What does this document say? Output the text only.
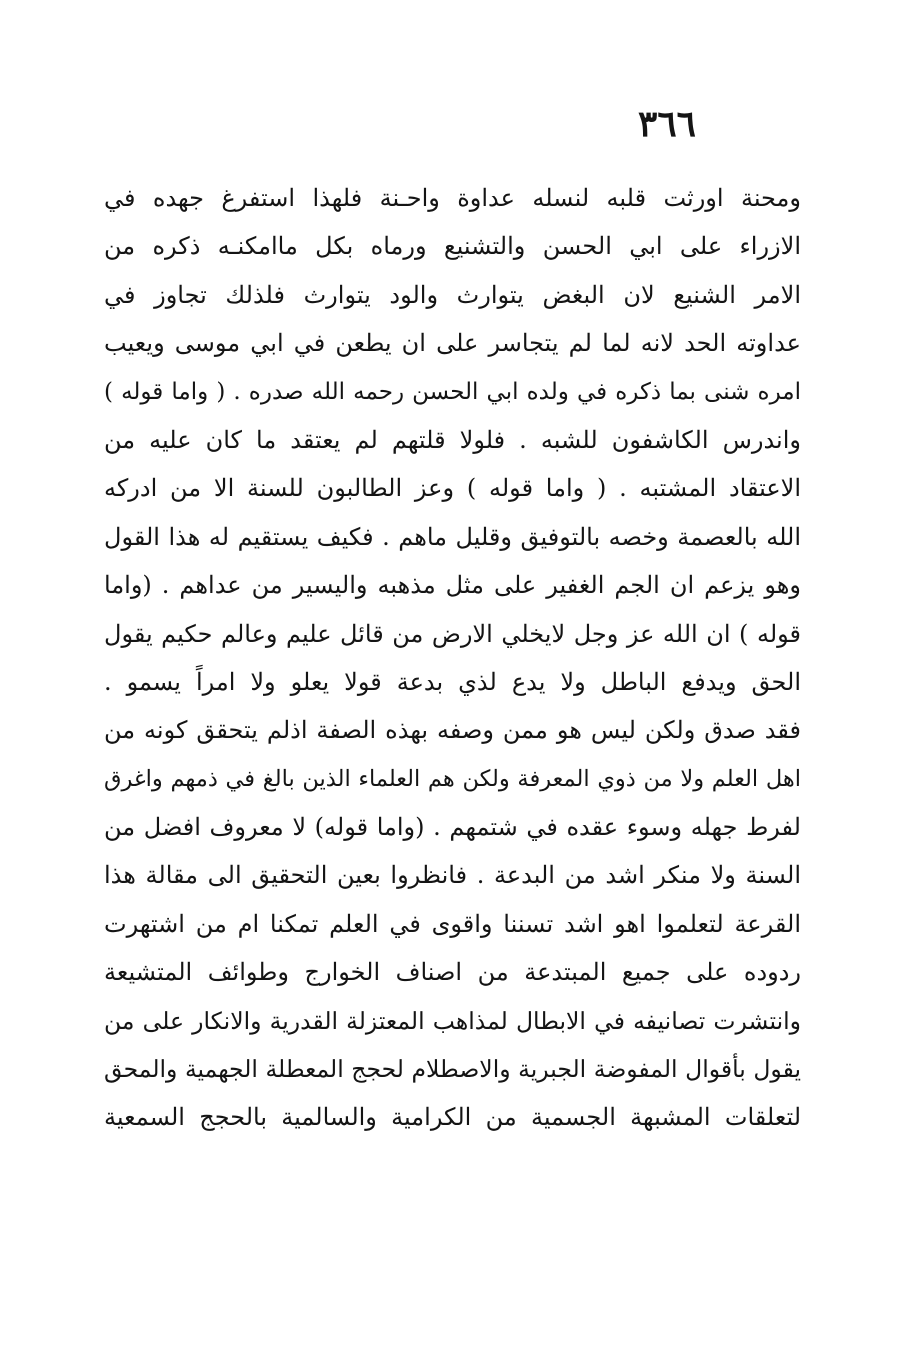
٣٦٦
ومحنة اورثت قلبه لنسله عداوة واحـنة فلهذا استفرغ جهده في
الازراء على ابي الحسن والتشنيع ورماه بكل ماامكنـه ذكره من
الامر الشنيع لان البغض يتوارث والود يتوارث فلذلك تجاوز في
عداوته الحد لانه لما لم يتجاسر على ان يطعن في ابي موسى ويعيب
امره شنى بما ذكره في ولده ابي الحسن رحمه الله صدره . ( واما قوله )
واندرس الكاشفون للشبه . فلولا قلتهم لم يعتقد ما كان عليه من
الاعتقاد المشتبه . ( واما قوله ) وعز الطالبون للسنة الا من ادركه
الله بالعصمة وخصه بالتوفيق وقليل ماهم . فكيف يستقيم له هذا القول
وهو يزعم ان الجم الغفير على مثل مذهبه واليسير من عداهم . (واما
قوله ) ان الله عز وجل لايخلي الارض من قائل عليم وعالم حكيم يقول
الحق ويدفع الباطل ولا يدع لذي بدعة قولا يعلو ولا امراً يسمو .
فقد صدق ولكن ليس هو ممن وصفه بهذه الصفة اذلم يتحقق كونه من
اهل العلم ولا من ذوي المعرفة ولكن هم العلماء الذين بالغ في ذمهم واغرق
لفرط جهله وسوء عقده في شتمهم . (واما قوله) لا معروف افضل من
السنة ولا منكر اشد من البدعة . فانظروا بعين التحقيق الى مقالة هذا
القرعة لتعلموا اهو اشد تسننا واقوى في العلم تمكنا ام من اشتهرت
ردوده على جميع المبتدعة من اصناف الخوارج وطوائف المتشيعة
وانتشرت تصانيفه في الابطال لمذاهب المعتزلة القدرية والانكار على من
يقول بأقوال المفوضة الجبرية والاصطلام لحجج المعطلة الجهمية والمحق
لتعلقات المشبهة الجسمية من الكرامية والسالمية بالحجج السمعية
